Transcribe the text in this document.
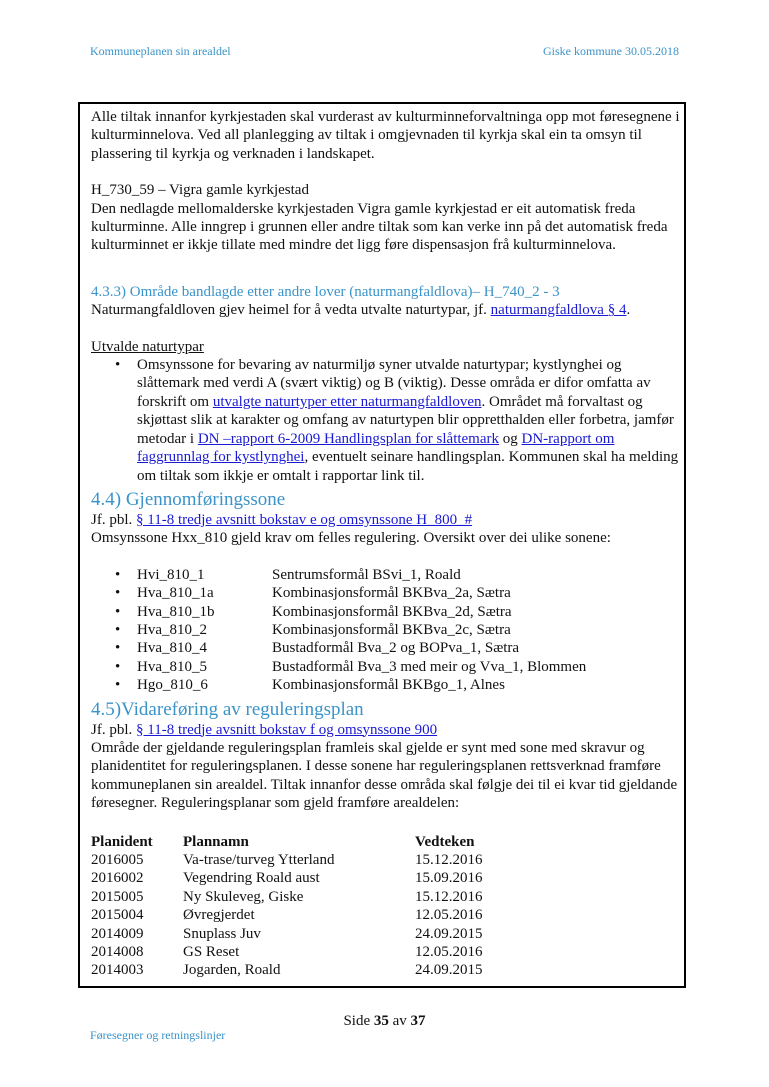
Kommuneplanen sin arealdel	Giske kommune 30.05.2018

Alle tiltak innanfor kyrkjestaden skal vurderast av kulturminneforvaltninga opp mot føresegnene i kulturminnelova. Ved all planlegging av tiltak i omgjevnaden til kyrkja skal ein ta omsyn til plassering til kyrkja og verknaden i landskapet.

H_730_59 – Vigra gamle kyrkjestad

Den nedlagde mellomalderske kyrkjestaden Vigra gamle kyrkjestad er eit automatisk freda kulturminne. Alle inngrep i grunnen eller andre tiltak som kan verke inn på det automatisk freda kulturminnet er ikkje tillate med mindre det ligg føre dispensasjon frå kulturminnelova.

4.3.3) Område bandlagde etter andre lover (naturmangfaldlova)– H_740_2 - 3

Naturmangfaldloven gjev heimel for å vedta utvalte naturtypar, jf. naturmangfaldlova § 4.

Utvalde naturtypar

• Omsynssone for bevaring av naturmiljø syner utvalde naturtypar; kystlynghei og slåttemark med verdi A (svært viktig) og B (viktig). Desse områda er difor omfatta av forskrift om utvalgte naturtyper etter naturmangfaldloven. Området må forvaltast og skjøttast slik at karakter og omfang av naturtypen blir oppretthalden eller forbetra, jamfør metodar i DN –rapport 6-2009 Handlingsplan for slåttemark og DN-rapport om faggrunnlag for kystlynghei, eventuelt seinare handlingsplan. Kommunen skal ha melding om tiltak som ikkje er omtalt i rapportar link til.
4.4) Gjennomføringssone

Jf. pbl. § 11-8 tredje avsnitt bokstav e og omsynssone H_800_#

Omsynssone Hxx_810 gjeld krav om felles regulering. Oversikt over dei ulike sonene:

• Hvi_810_1	Sentrumsformål BSvi_1, Roald
• Hva_810_1a	Kombinasjonsformål BKBva_2a, Sætra
• Hva_810_1b	Kombinasjonsformål BKBva_2d, Sætra
• Hva_810_2	Kombinasjonsformål BKBva_2c, Sætra
• Hva_810_4	Bustadformål Bva_2 og BOPva_1, Sætra
• Hva_810_5	Bustadformål Bva_3 med meir og Vva_1, Blommen
• Hgo_810_6	Kombinasjonsformål BKBgo_1, Alnes
4.5)Vidareføring av reguleringsplan

Jf. pbl. § 11-8 tredje avsnitt bokstav f og omsynssone 900

Område der gjeldande reguleringsplan framleis skal gjelde er synt med sone med skravur og planidentitet for reguleringsplanen. I desse sonene har reguleringsplanen rettsverknad framføre kommuneplanen sin arealdel. Tiltak innanfor desse områda skal følgje dei til ei kvar tid gjeldande føresegner. Reguleringsplanar som gjeld framføre arealdelen:

Planident	Plannamn	Vedteken
2016005	Va-trase/turveg Ytterland	15.12.2016
2016002	Vegendring Roald aust	15.09.2016
2015005	Ny Skuleveg, Giske	15.12.2016
2015004	Øvregjerdet	12.05.2016
2014009	Snuplass Juv	24.09.2015
2014008	GS Reset	12.05.2016
2014003	Jogarden, Roald	24.09.2015
Side 35 av 37
Føresegner og retningslinjer
